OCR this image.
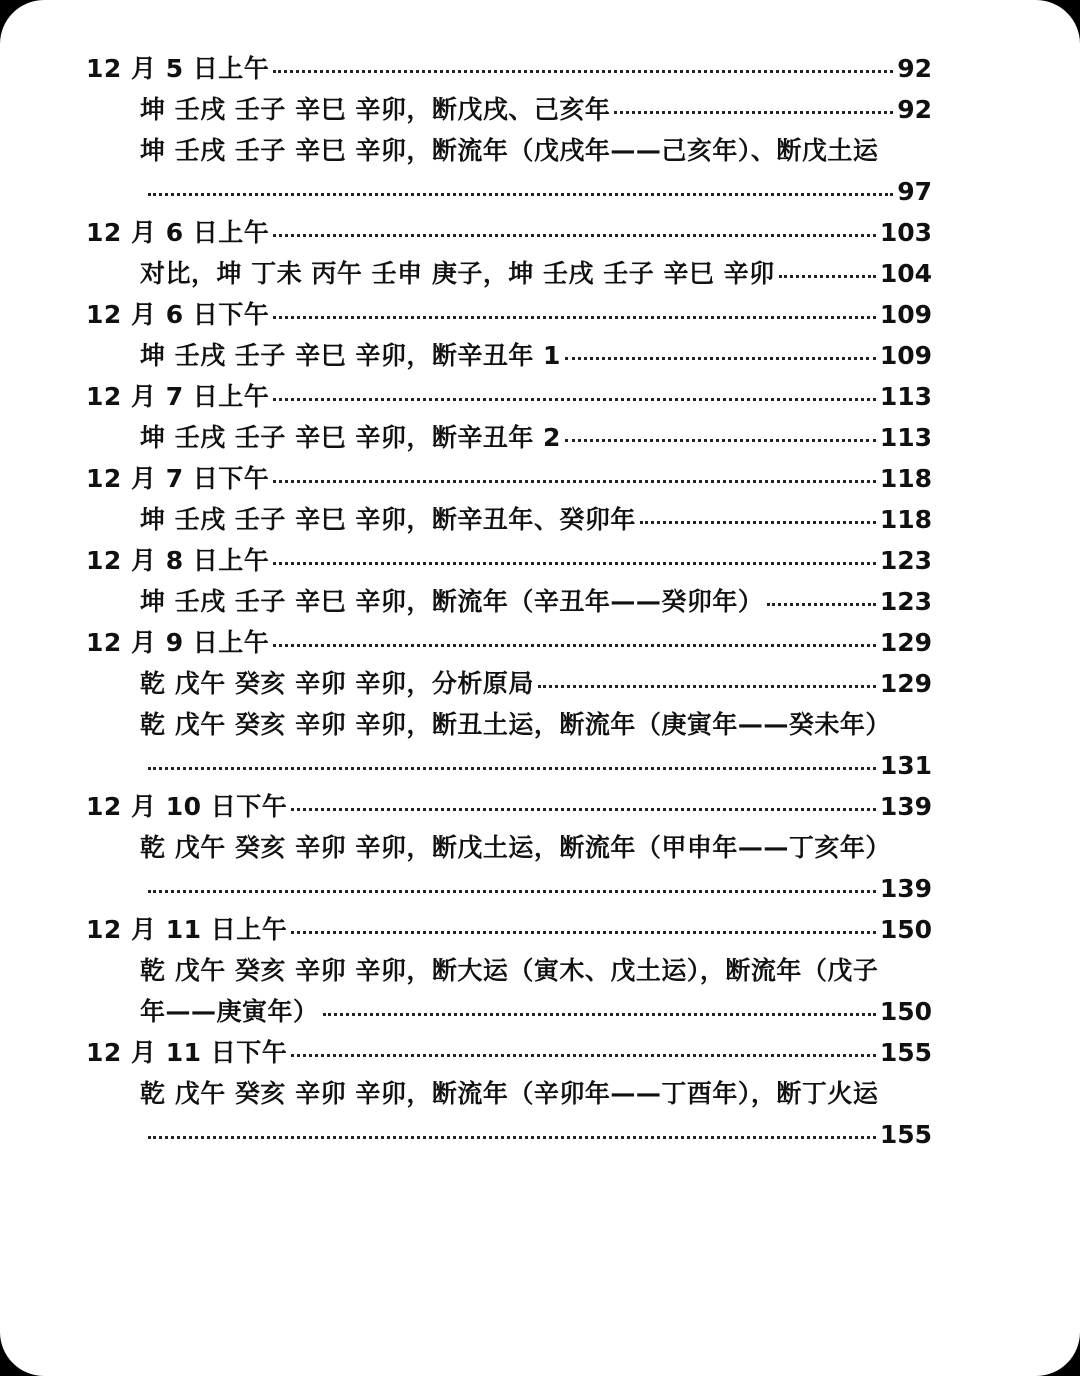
12 月 5 日上午	92
坤 壬戌 壬子 辛巳 辛卯，断戊戌、己亥年	92
坤 壬戌 壬子 辛巳 辛卯，断流年（戊戌年——己亥年）、断戊土运
97
12 月 6 日上午	103
对比，坤 丁未 丙午 壬申 庚子，坤 壬戌 壬子 辛巳 辛卯	104
12 月 6 日下午	109
坤 壬戌 壬子 辛巳 辛卯，断辛丑年 1	109
12 月 7 日上午	113
坤 壬戌 壬子 辛巳 辛卯，断辛丑年 2	113
12 月 7 日下午	118
坤 壬戌 壬子 辛巳 辛卯，断辛丑年、癸卯年	118
12 月 8 日上午	123
坤 壬戌 壬子 辛巳 辛卯，断流年（辛丑年——癸卯年）	123
12 月 9 日上午	129
乾 戊午 癸亥 辛卯 辛卯，分析原局	129
乾 戊午 癸亥 辛卯 辛卯，断丑土运，断流年（庚寅年——癸未年）
131
12 月 10 日下午	139
乾 戊午 癸亥 辛卯 辛卯，断戊土运，断流年（甲申年——丁亥年）
139
12 月 11 日上午	150
乾 戊午 癸亥 辛卯 辛卯，断大运（寅木、戊土运），断流年（戊子
年——庚寅年）	150
12 月 11 日下午	155
乾 戊午 癸亥 辛卯 辛卯，断流年（辛卯年——丁酉年），断丁火运
155
